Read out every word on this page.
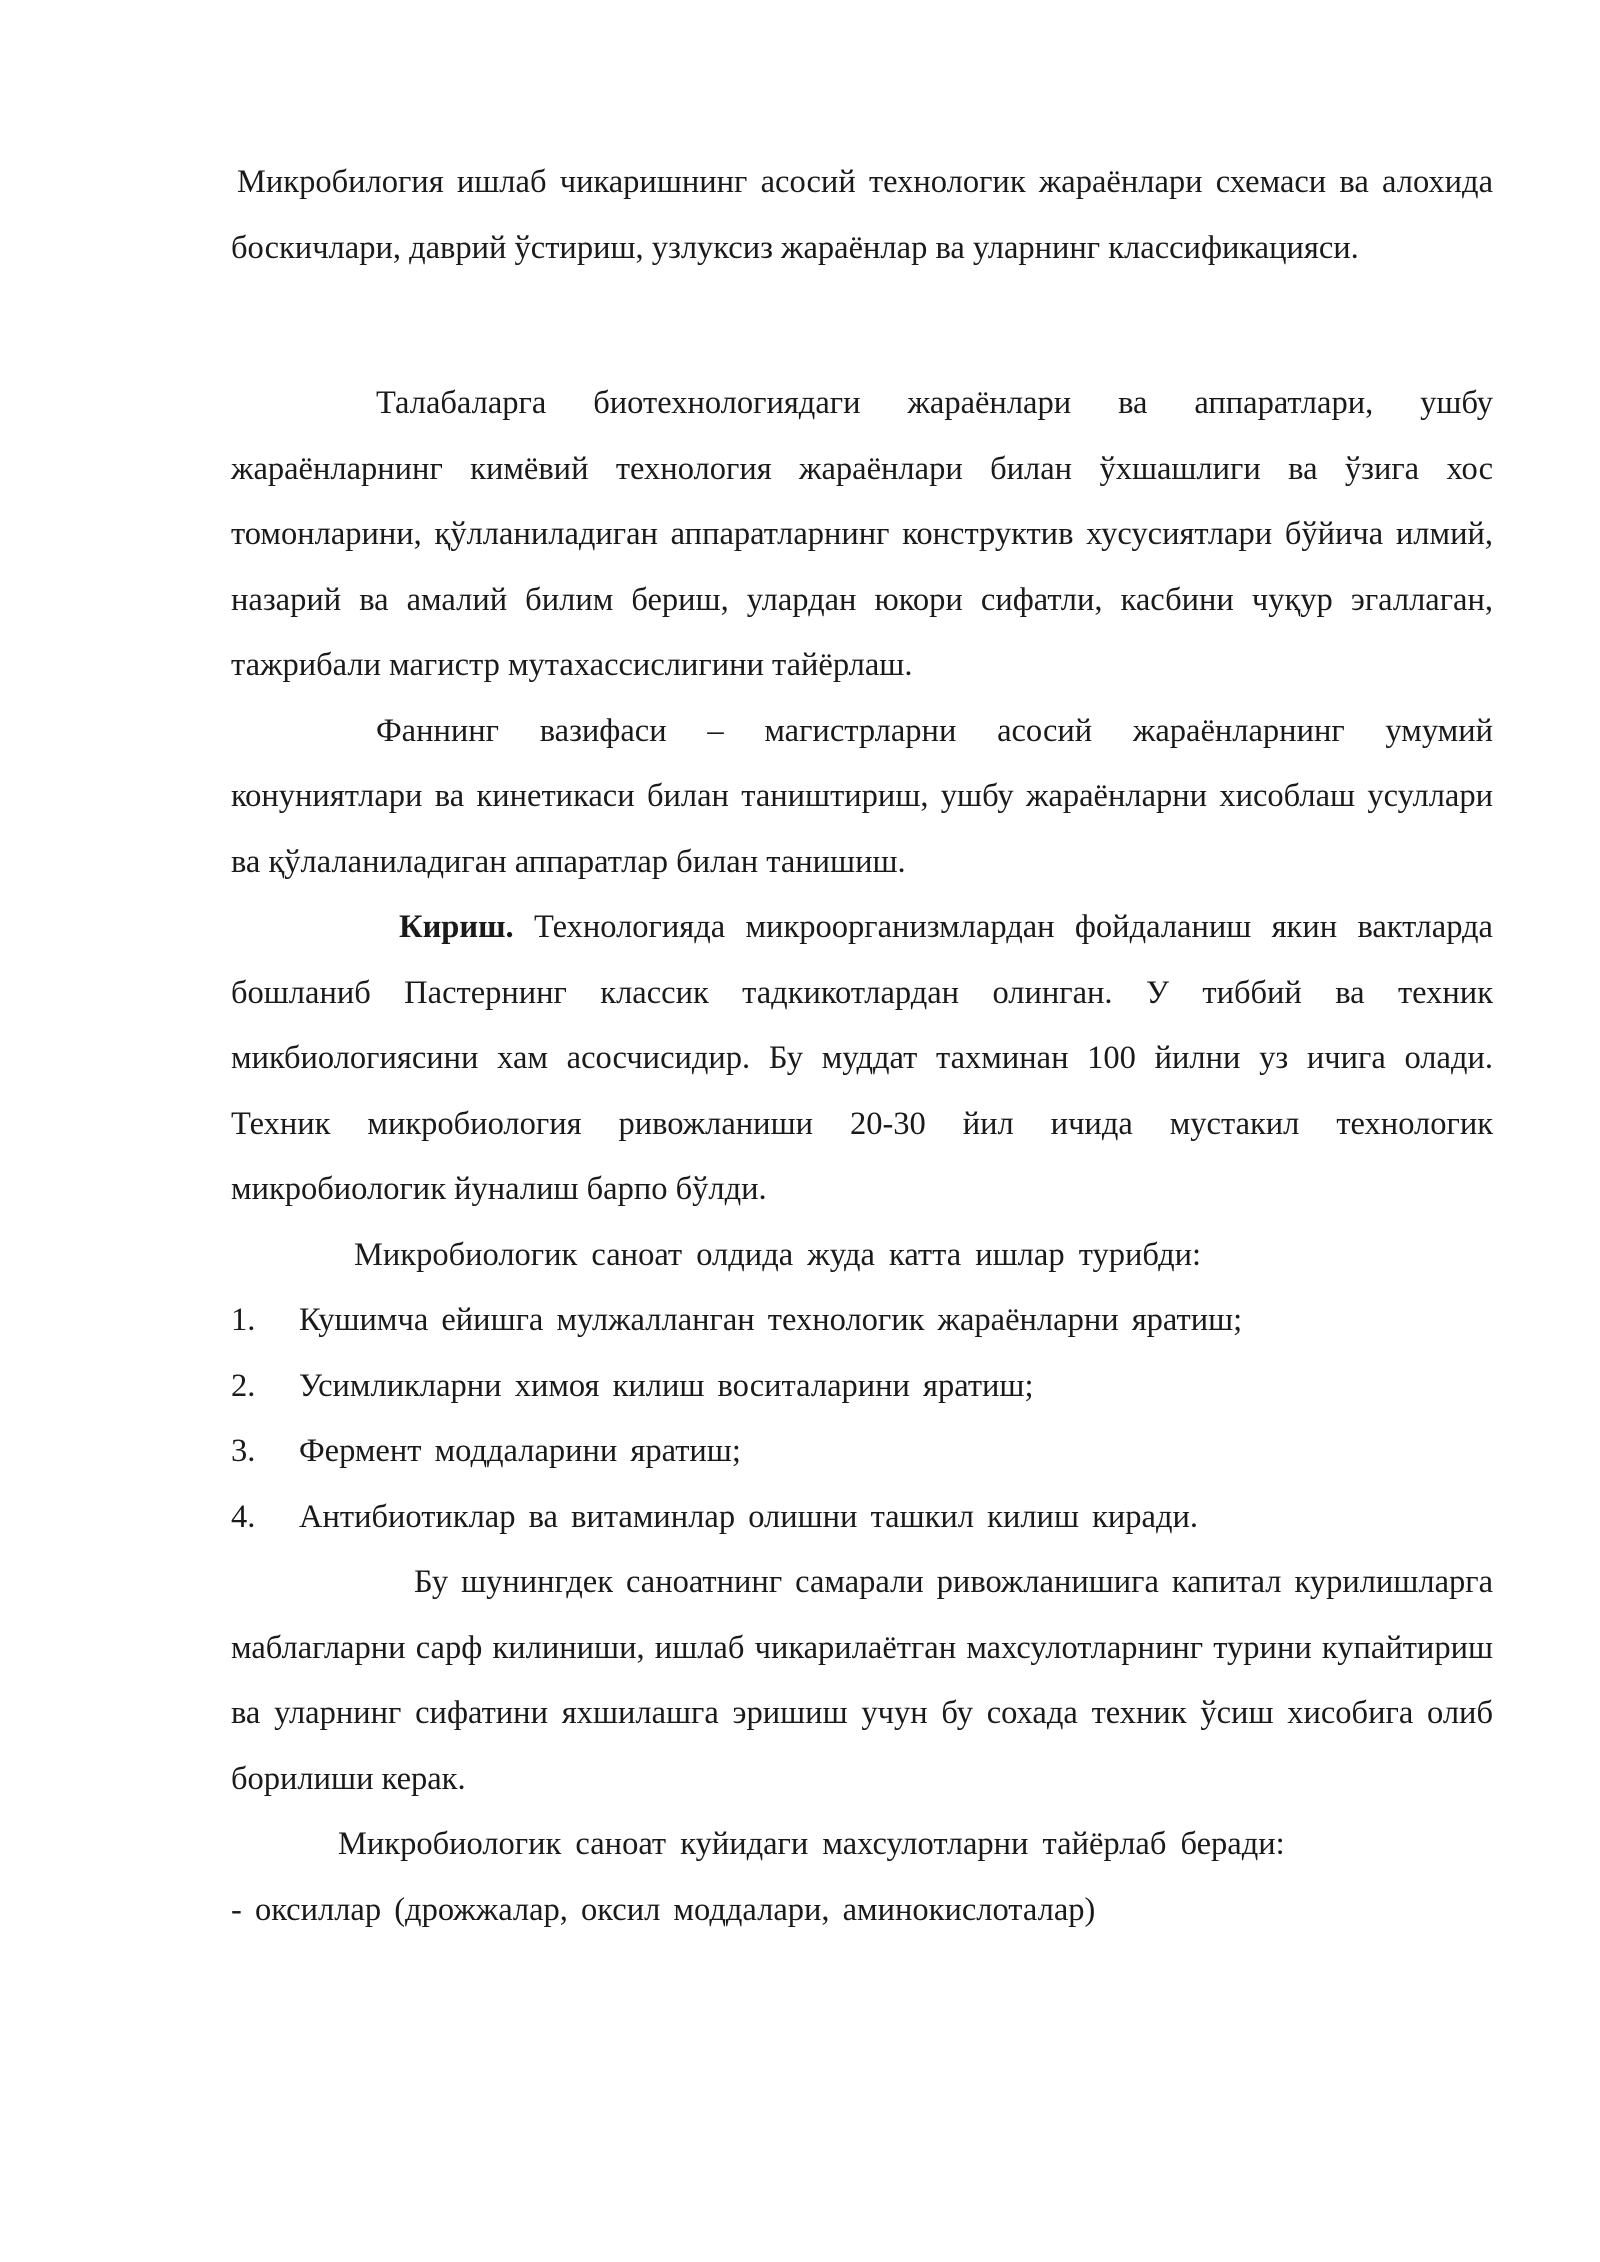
Микробилогия ишлаб чикаришнинг асосий технологик жараёнлари схемаси ва алохида боскичлари, даврий ўстириш, узлуксиз жараёнлар ва уларнинг классификацияси.

Талабаларга биотехнологиядаги жараёнлари ва аппаратлари, ушбу жараёнларнинг кимёвий технология жараёнлари билан ўхшашлиги ва ўзига хос томонларини, қўлланиладиган аппаратларнинг конструктив хусусиятлари бўйича илмий, назарий ва амалий билим бериш, улардан юкори сифатли, касбини чуқур эгаллаган, тажрибали магистр мутахассислигини тайёрлаш.

Фаннинг вазифаси – магистрларни асосий жараёнларнинг умумий конуниятлари ва кинетикаси билан таништириш, ушбу жараёнларни хисоблаш усуллари ва қўлаланиладиган аппаратлар билан танишиш.

Кириш. Технологияда микроорганизмлардан фойдаланиш якин вактларда бошланиб Пастернинг классик тадкикотлардан олинган. У тиббий ва техник микбиологиясини хам асосчисидир. Бу муддат тахминан 100 йилни уз ичига олади. Техник микробиология ривожланиши 20-30 йил ичида мустакил технологик микробиологик йуналиш барпо бўлди.

Микробиологик саноат олдида жуда катта ишлар турибди:

1.	Кушимча ейишга мулжалланган технологик жараёнларни яратиш;
2.	Усимликларни химоя килиш воситаларини яратиш;
3.	Фермент моддаларини яратиш;
4.	Антибиотиклар ва витаминлар олишни ташкил килиш киради.

Бу шунингдек саноатнинг самарали ривожланишига капитал курилишларга маблагларни сарф килиниши, ишлаб чикарилаётган махсулотларнинг турини купайтириш ва уларнинг сифатини яхшилашга эришиш учун бу сохада техник ўсиш хисобига олиб борилиши керак.

Микробиологик саноат куйидаги махсулотларни тайёрлаб беради:

- оксиллар (дрожжалар, оксил моддалари, аминокислоталар)
